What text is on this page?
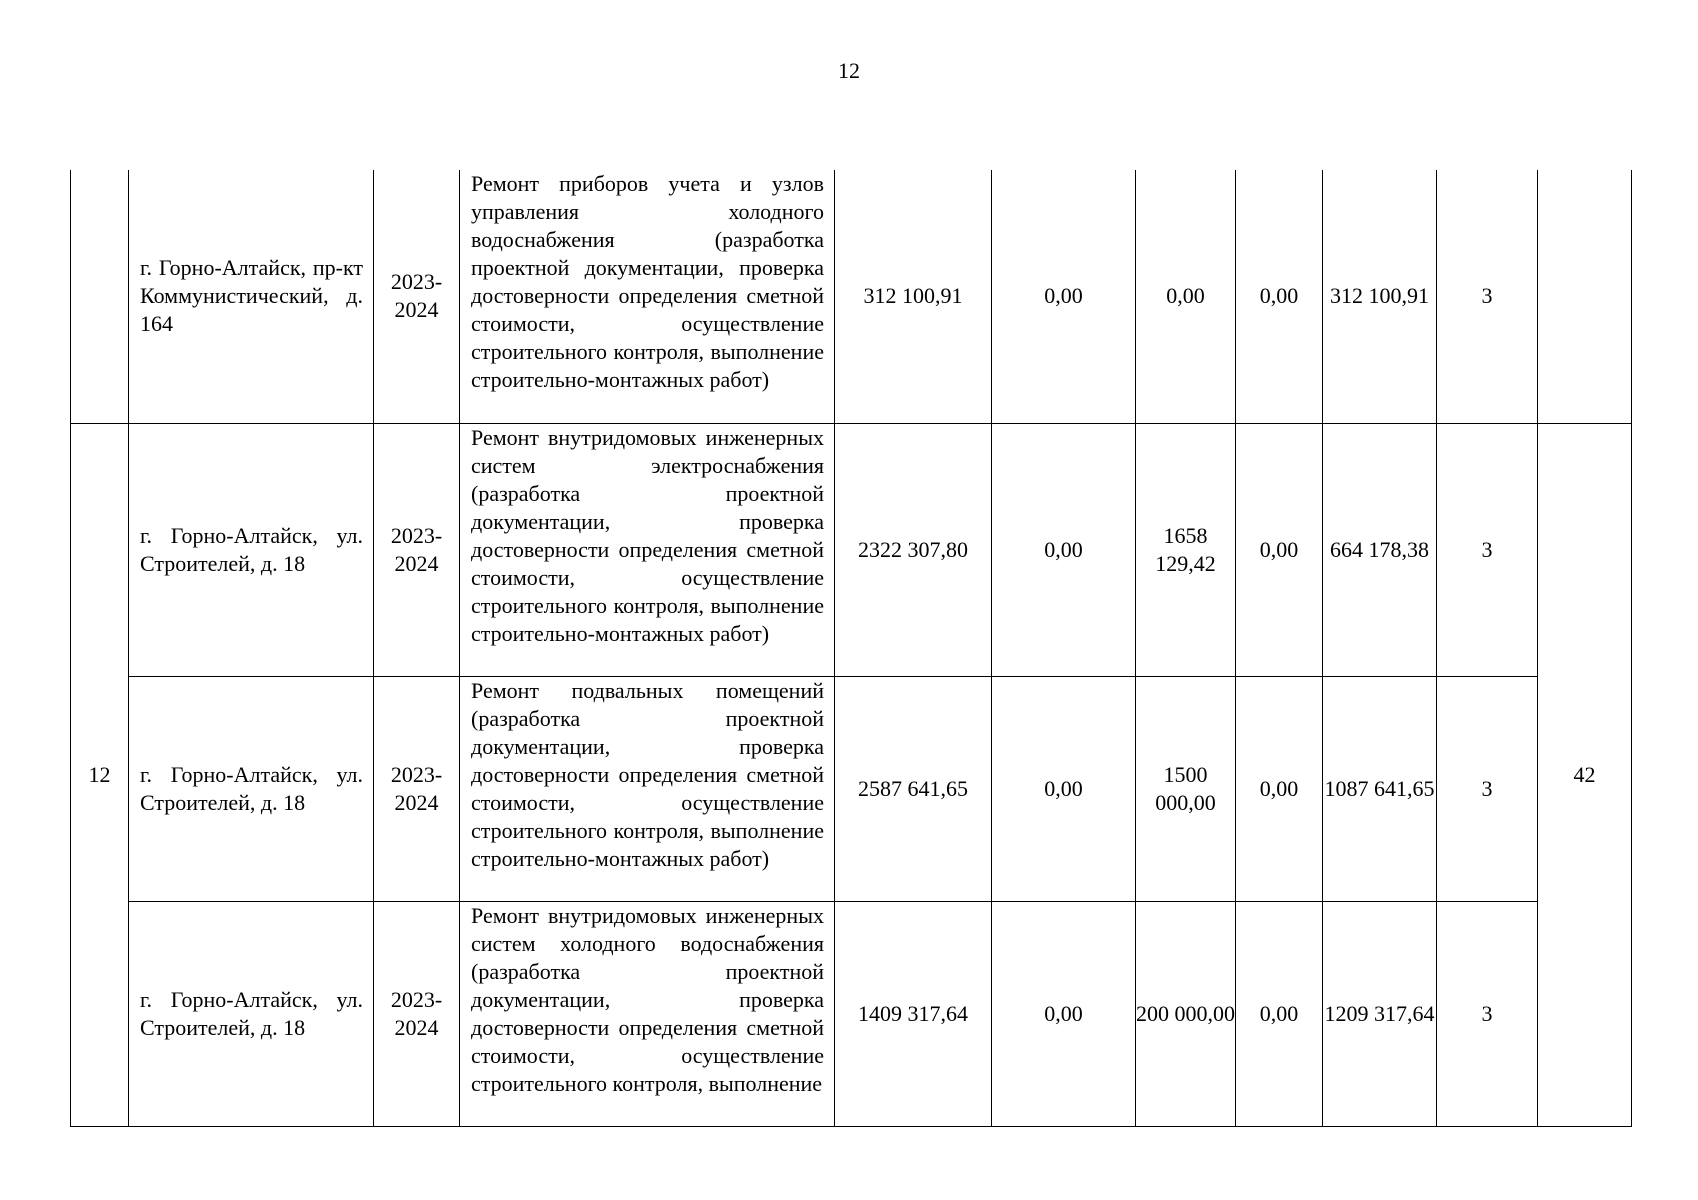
12
	г. Горно-Алтайск, пр-кт Коммунистический, д. 164	2023-2024	Ремонт приборов учета и узлов управления холодного водоснабжения (разработка проектной документации, проверка достоверности определения сметной стоимости, осуществление строительного контроля, выполнение строительно-монтажных работ)	312 100,91	0,00	0,00	0,00	312 100,91	3	
12	г. Горно-Алтайск, ул. Строителей, д. 18	2023-2024	Ремонт внутридомовых инженерных систем электроснабжения (разработка проектной документации, проверка достоверности определения сметной стоимости, осуществление строительного контроля, выполнение строительно-монтажных работ)	2322 307,80	0,00	1658 129,42	0,00	664 178,38	3	42
	г. Горно-Алтайск, ул. Строителей, д. 18	2023-2024	Ремонт подвальных помещений (разработка проектной документации, проверка достоверности определения сметной стоимости, осуществление строительного контроля, выполнение строительно-монтажных работ)	2587 641,65	0,00	1500 000,00	0,00	1087 641,65	3	
	г. Горно-Алтайск, ул. Строителей, д. 18	2023-2024	Ремонт внутридомовых инженерных систем холодного водоснабжения (разработка проектной документации, проверка достоверности определения сметной стоимости, осуществление строительного контроля, выполнение	1409 317,64	0,00	200 000,00	0,00	1209 317,64	3	
